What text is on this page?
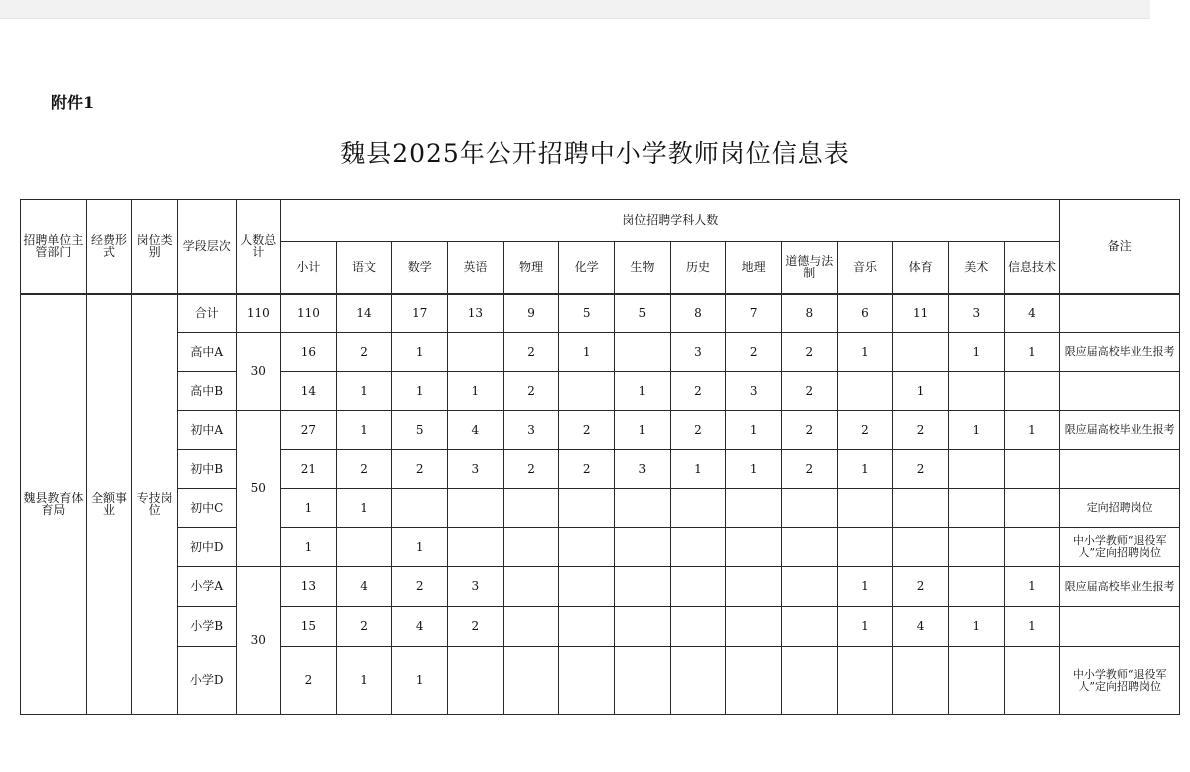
附件1
魏县2025年公开招聘中小学教师岗位信息表
招聘单位主管部门	经费形式	岗位类别	学段层次	人数总计	岗位招聘学科人数														备注
					小计	语文	数学	英语	物理	化学	生物	历史	地理	道德与法制	音乐	体育	美术	信息技术	
魏县教育体育局	全额事业	专技岗位	合计	110	110	14	17	13	9	5	5	8	7	8	6	11	3	4	
			高中A	30	16	2	1		2	1		3	2	2	1		1	1	限应届高校毕业生报考
			高中B		14	1	1	1	2		1	2	3	2		1			
			初中A	50	27	1	5	4	3	2	1	2	1	2	2	2	1	1	限应届高校毕业生报考
			初中B		21	2	2	3	2	2	3	1	1	2	1	2			
			初中C		1	1													定向招聘岗位
			初中D		1		1												中小学教师“退役军人”定向招聘岗位
			小学A	30	13	4	2	3							1	2		1	限应届高校毕业生报考
			小学B		15	2	4	2							1	4	1	1	
			小学D		2	1	1												中小学教师“退役军人”定向招聘岗位
